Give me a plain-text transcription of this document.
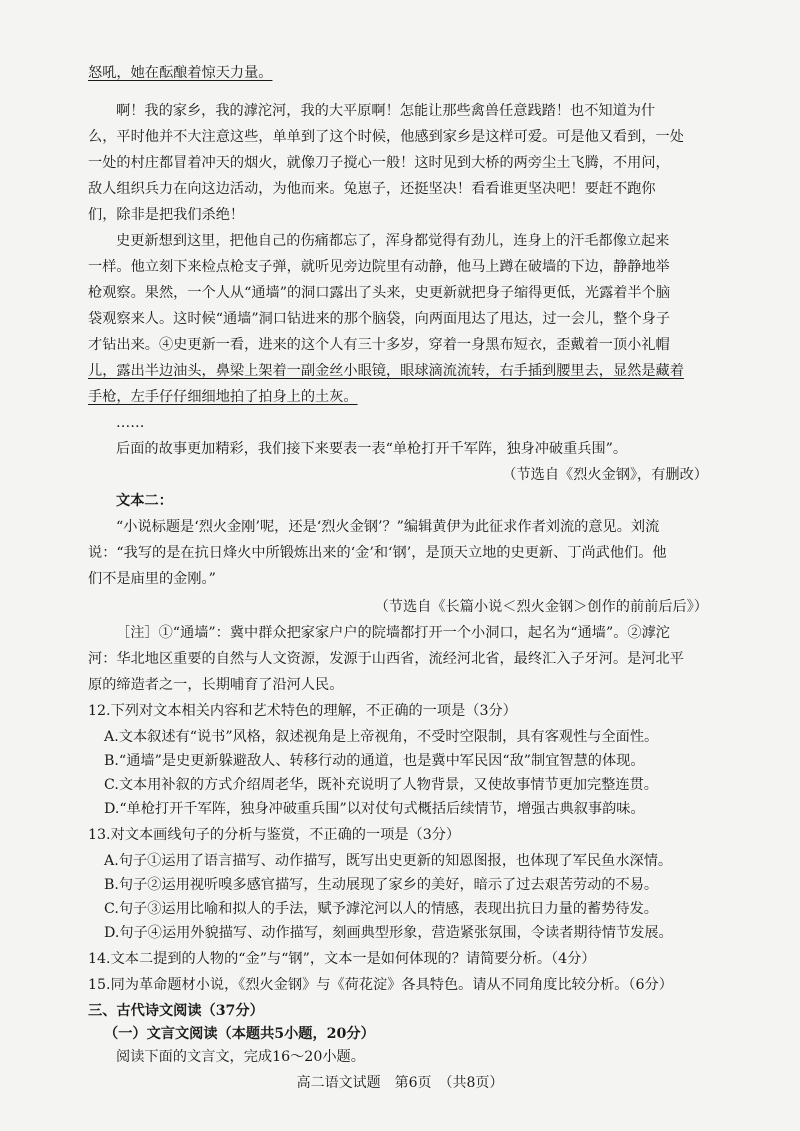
怒吼，她在酝酿着惊天力量。
啊！我的家乡，我的滹沱河，我的大平原啊！怎能让那些禽兽任意践踏！也不知道为什
么，平时他并不大注意这些，单单到了这个时候，他感到家乡是这样可爱。可是他又看到，一处
一处的村庄都冒着冲天的烟火，就像刀子搅心一般！这时见到大桥的两旁尘土飞腾，不用问，
敌人组织兵力在向这边活动，为他而来。兔崽子，还挺坚决！看看谁更坚决吧！要赶不跑你
们，除非是把我们杀绝！
史更新想到这里，把他自己的伤痛都忘了，浑身都觉得有劲儿，连身上的汗毛都像立起来
一样。他立刻下来检点枪支子弹，就听见旁边院里有动静，他马上蹲在破墙的下边，静静地举
枪观察。果然，一个人从“通墙”的洞口露出了头来，史更新就把身子缩得更低，光露着半个脑
袋观察来人。这时候“通墙”洞口钻进来的那个脑袋，向两面甩达了甩达，过一会儿，整个身子
才钻出来。④史更新一看，进来的这个人有三十多岁，穿着一身黑布短衣，歪戴着一顶小礼帽
儿，露出半边油头，鼻梁上架着一副金丝小眼镜，眼球滴流流转，右手插到腰里去，显然是藏着
手枪，左手仔仔细细地拍了拍身上的土灰。
……
后面的故事更加精彩，我们接下来要表一表“单枪打开千军阵，独身冲破重兵围”。
（节选自《烈火金钢》，有删改）
文本二：
“小说标题是‘烈火金刚’呢，还是‘烈火金钢’？”编辑黄伊为此征求作者刘流的意见。刘流
说：“我写的是在抗日烽火中所锻炼出来的‘金’和‘钢’，是顶天立地的史更新、丁尚武他们。他
们不是庙里的金刚。”
（节选自《长篇小说＜烈火金钢＞创作的前前后后》）
［注］①“通墙”：冀中群众把家家户户的院墙都打开一个小洞口，起名为“通墙”。②滹沱
河：华北地区重要的自然与人文资源，发源于山西省，流经河北省，最终汇入子牙河。是河北平
原的缔造者之一，长期哺育了沿河人民。
12.下列对文本相关内容和艺术特色的理解，不正确的一项是（3分）
A.文本叙述有“说书”风格，叙述视角是上帝视角，不受时空限制，具有客观性与全面性。
B.“通墙”是史更新躲避敌人、转移行动的通道，也是冀中军民因“敌”制宜智慧的体现。
C.文本用补叙的方式介绍周老华，既补充说明了人物背景，又使故事情节更加完整连贯。
D.“单枪打开千军阵，独身冲破重兵围”以对仗句式概括后续情节，增强古典叙事韵味。
13.对文本画线句子的分析与鉴赏，不正确的一项是（3分）
A.句子①运用了语言描写、动作描写，既写出史更新的知恩图报，也体现了军民鱼水深情。
B.句子②运用视听嗅多感官描写，生动展现了家乡的美好，暗示了过去艰苦劳动的不易。
C.句子③运用比喻和拟人的手法，赋予滹沱河以人的情感，表现出抗日力量的蓄势待发。
D.句子④运用外貌描写、动作描写，刻画典型形象，营造紧张氛围，令读者期待情节发展。
14.文本二提到的人物的“金”与“钢”，文本一是如何体现的？请简要分析。（4分）
15.同为革命题材小说，《烈火金钢》与《荷花淀》各具特色。请从不同角度比较分析。（6分）
三、古代诗文阅读（37分）
（一）文言文阅读（本题共5小题，20分）
阅读下面的文言文，完成16～20小题。
高二语文试题　第6页　（共8页）
